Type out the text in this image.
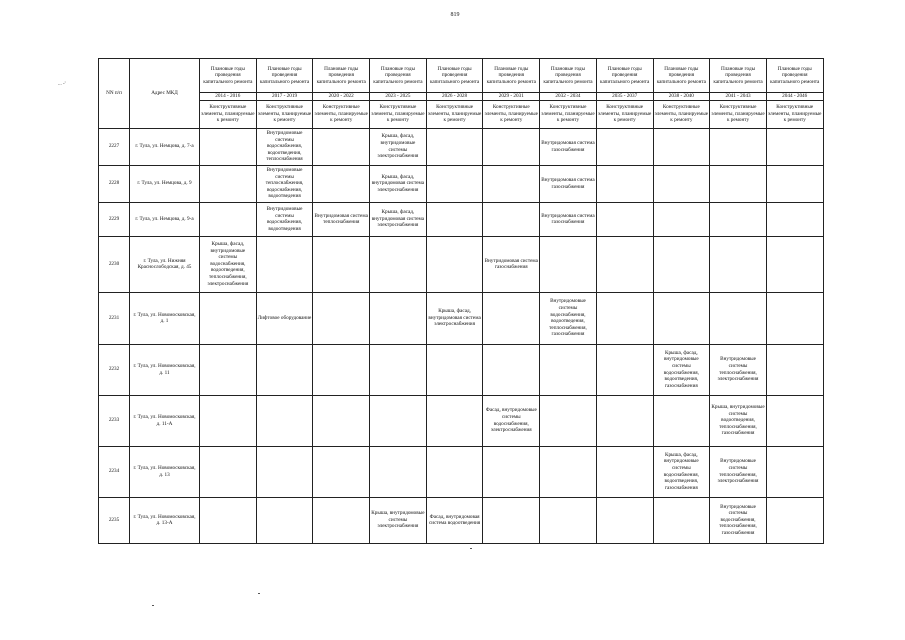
819
... -'
NN п/п	Адрес МКД	Плановые годы проведения капитального ремонта	Плановые годы проведения капитального ремонта	Плановые годы проведения капитального ремонта	Плановые годы проведения капитального ремонта	Плановые годы проведения капитального ремонта	Плановые годы проведения капитального ремонта	Плановые годы проведения капитального ремонта	Плановые годы проведения капитального ремонта	Плановые годы проведения капитального ремонта	Плановые годы проведения капитального ремонта	Плановые годы проведения капитального ремонта
		2014 - 2016	2017 - 2019	2020 - 2022	2023 - 2025	2026 - 2028	2029 - 2031	2032 - 2034	2035 - 2037	2038 - 2040	2041 - 2043	2044 - 2046
		Конструктивные элементы, планируемые к ремонту	Конструктивные элементы, планируемые к ремонту	Конструктивные элементы, планируемые к ремонту	Конструктивные элементы, планируемые к ремонту	Конструктивные элементы, планируемые к ремонту	Конструктивные элементы, планируемые к ремонту	Конструктивные элементы, планируемые к ремонту	Конструктивные элементы, планируемые к ремонту	Конструктивные элементы, планируемые к ремонту	Конструктивные элементы, планируемые к ремонту	Конструктивные элементы, планируемые к ремонту
2227	г. Тула, ул. Немцова, д. 7-а		Внутридомовые системы водоснабжения, водоотведения, теплоснабжения		Крыша, фасад, внутридомовые системы электроснабжения			Внутридомовая система газоснабжения				
2228	г. Тула, ул. Немцова, д. 9		Внутридомовые системы теплоснабжения, водоснабжения, водоотведения		Крыша, фасад, внутридомовая система электроснабжения			Внутридомовая система газоснабжения				
2229	г. Тула, ул. Немцова, д. 9-а		Внутридомовые системы водоснабжения, водоотведения	Внутридомовая система теплоснабжения	Крыша, фасад, внутридомовая система электроснабжения			Внутридомовая система газоснабжения				
2230	г. Тула, ул. Нижняя Краснослободская, д. 45	Крыша, фасад, внутридомовые системы водоснабжения, водоотведения, теплоснабжения, электроснабжения					Внутридомовая система газоснабжения					
2231	г. Тула, ул. Новомосковская, д. 1		Лифтовое оборудование			Крыша, фасад, внутридомовая система электроснабжения		Внутридомовые системы водоснабжения, водоотведения, теплоснабжения, газоснабжения				
2232	г. Тула, ул. Новомосковская, д. 11									Крыша, фасад, внутридомовые системы водоснабжения, водоотведения, газоснабжения	Внутридомовые системы теплоснабжения, электроснабжения	
2233	г. Тула, ул. Новомосковская, д. 11-А						Фасад, внутридомовые системы водоснабжения, электроснабжения				Крыша, внутридомовые системы водоотведения, теплоснабжения, газоснабжения	
2234	г. Тула, ул. Новомосковская, д. 13									Крыша, фасад, внутридомовые системы водоснабжения, водоотведения, газоснабжения	Внутридомовые системы теплоснабжения, электроснабжения	
2235	г. Тула, ул. Новомосковская, д. 13-А				Крыша, внутридомовые системы электроснабжения	Фасад, внутридомовая система водоотведения					Внутридомовые системы водоснабжения, теплоснабжения, газоснабжения	
